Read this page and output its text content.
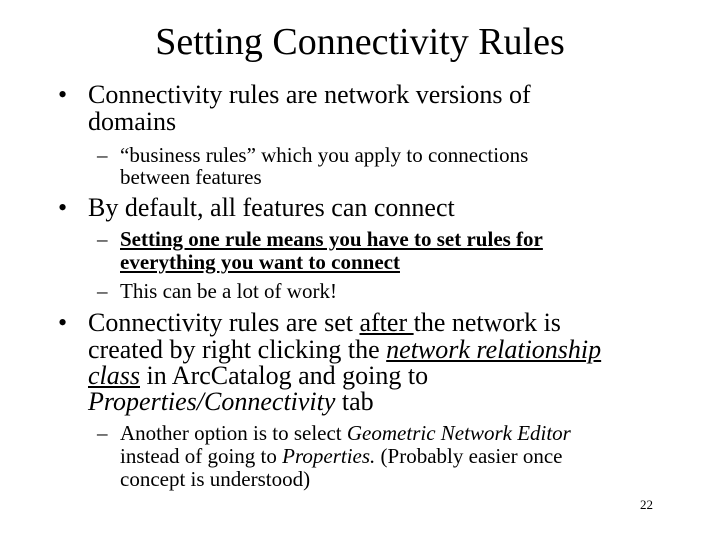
Setting Connectivity Rules
• Connectivity rules are network versions of
domains
– “business rules” which you apply to connections
between features
• By default, all features can connect
– Setting one rule means you have to set rules for
everything you want to connect
– This can be a lot of work!
• Connectivity rules are set after the network is
created by right clicking the network relationship
class in ArcCatalog and going to
Properties/Connectivity tab
– Another option is to select Geometric Network Editor
instead of going to Properties. (Probably easier once
concept is understood)
22
